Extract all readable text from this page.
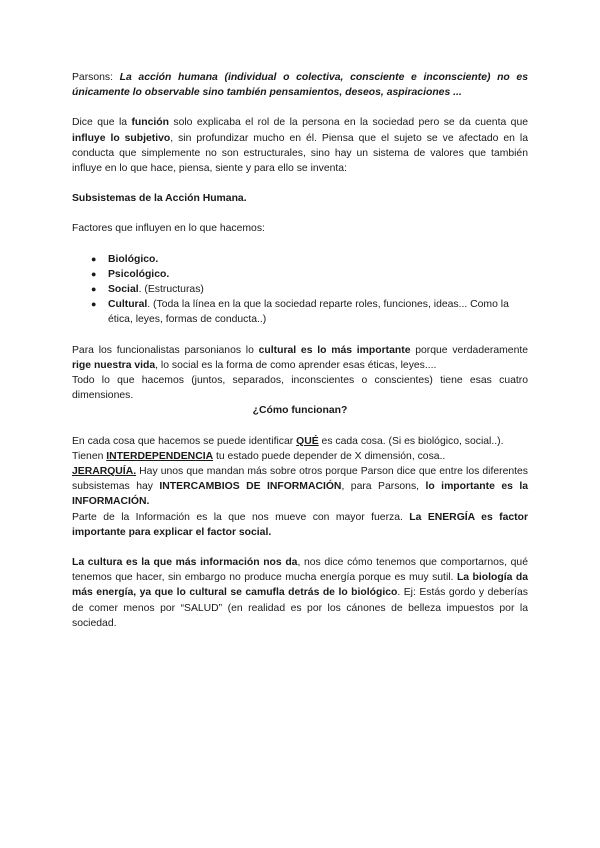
Parsons: La acción humana (individual o colectiva, consciente e inconsciente) no es únicamente lo observable sino también pensamientos, deseos, aspiraciones ...

Dice que la función solo explicaba el rol de la persona en la sociedad pero se da cuenta que influye lo subjetivo, sin profundizar mucho en él. Piensa que el sujeto se ve afectado en la conducta que simplemente no son estructurales, sino hay un sistema de valores que también influye en lo que hace, piensa, siente y para ello se inventa:

Subsistemas de la Acción Humana.

Factores que influyen en lo que hacemos:

● Biológico.
● Psicológico.
● Social. (Estructuras)
● Cultural. (Toda la línea en la que la sociedad reparte roles, funciones, ideas... Como la ética, leyes, formas de conducta..)

Para los funcionalistas parsonianos lo cultural es lo más importante porque verdaderamente rige nuestra vida, lo social es la forma de como aprender esas éticas, leyes....

Todo lo que hacemos (juntos, separados, inconscientes o conscientes) tiene esas cuatro dimensiones.

¿Cómo funcionan?

En cada cosa que hacemos se puede identificar QUÉ es cada cosa. (Si es biológico, social..).

Tienen INTERDEPENDENCIA tu estado puede depender de X dimensión, cosa..

JERARQUÍA. Hay unos que mandan más sobre otros porque Parson dice que entre los diferentes subsistemas hay INTERCAMBIOS DE INFORMACIÓN, para Parsons, lo importante es la INFORMACIÓN.

Parte de la Información es la que nos mueve con mayor fuerza. La ENERGÍA es factor importante para explicar el factor social.

La cultura es la que más información nos da, nos dice cómo tenemos que comportarnos, qué tenemos que hacer, sin embargo no produce mucha energía porque es muy sutil. La biología da más energía, ya que lo cultural se camufla detrás de lo biológico. Ej: Estás gordo y deberías de comer menos por “SALUD” (en realidad es por los cánones de belleza impuestos por la sociedad.
